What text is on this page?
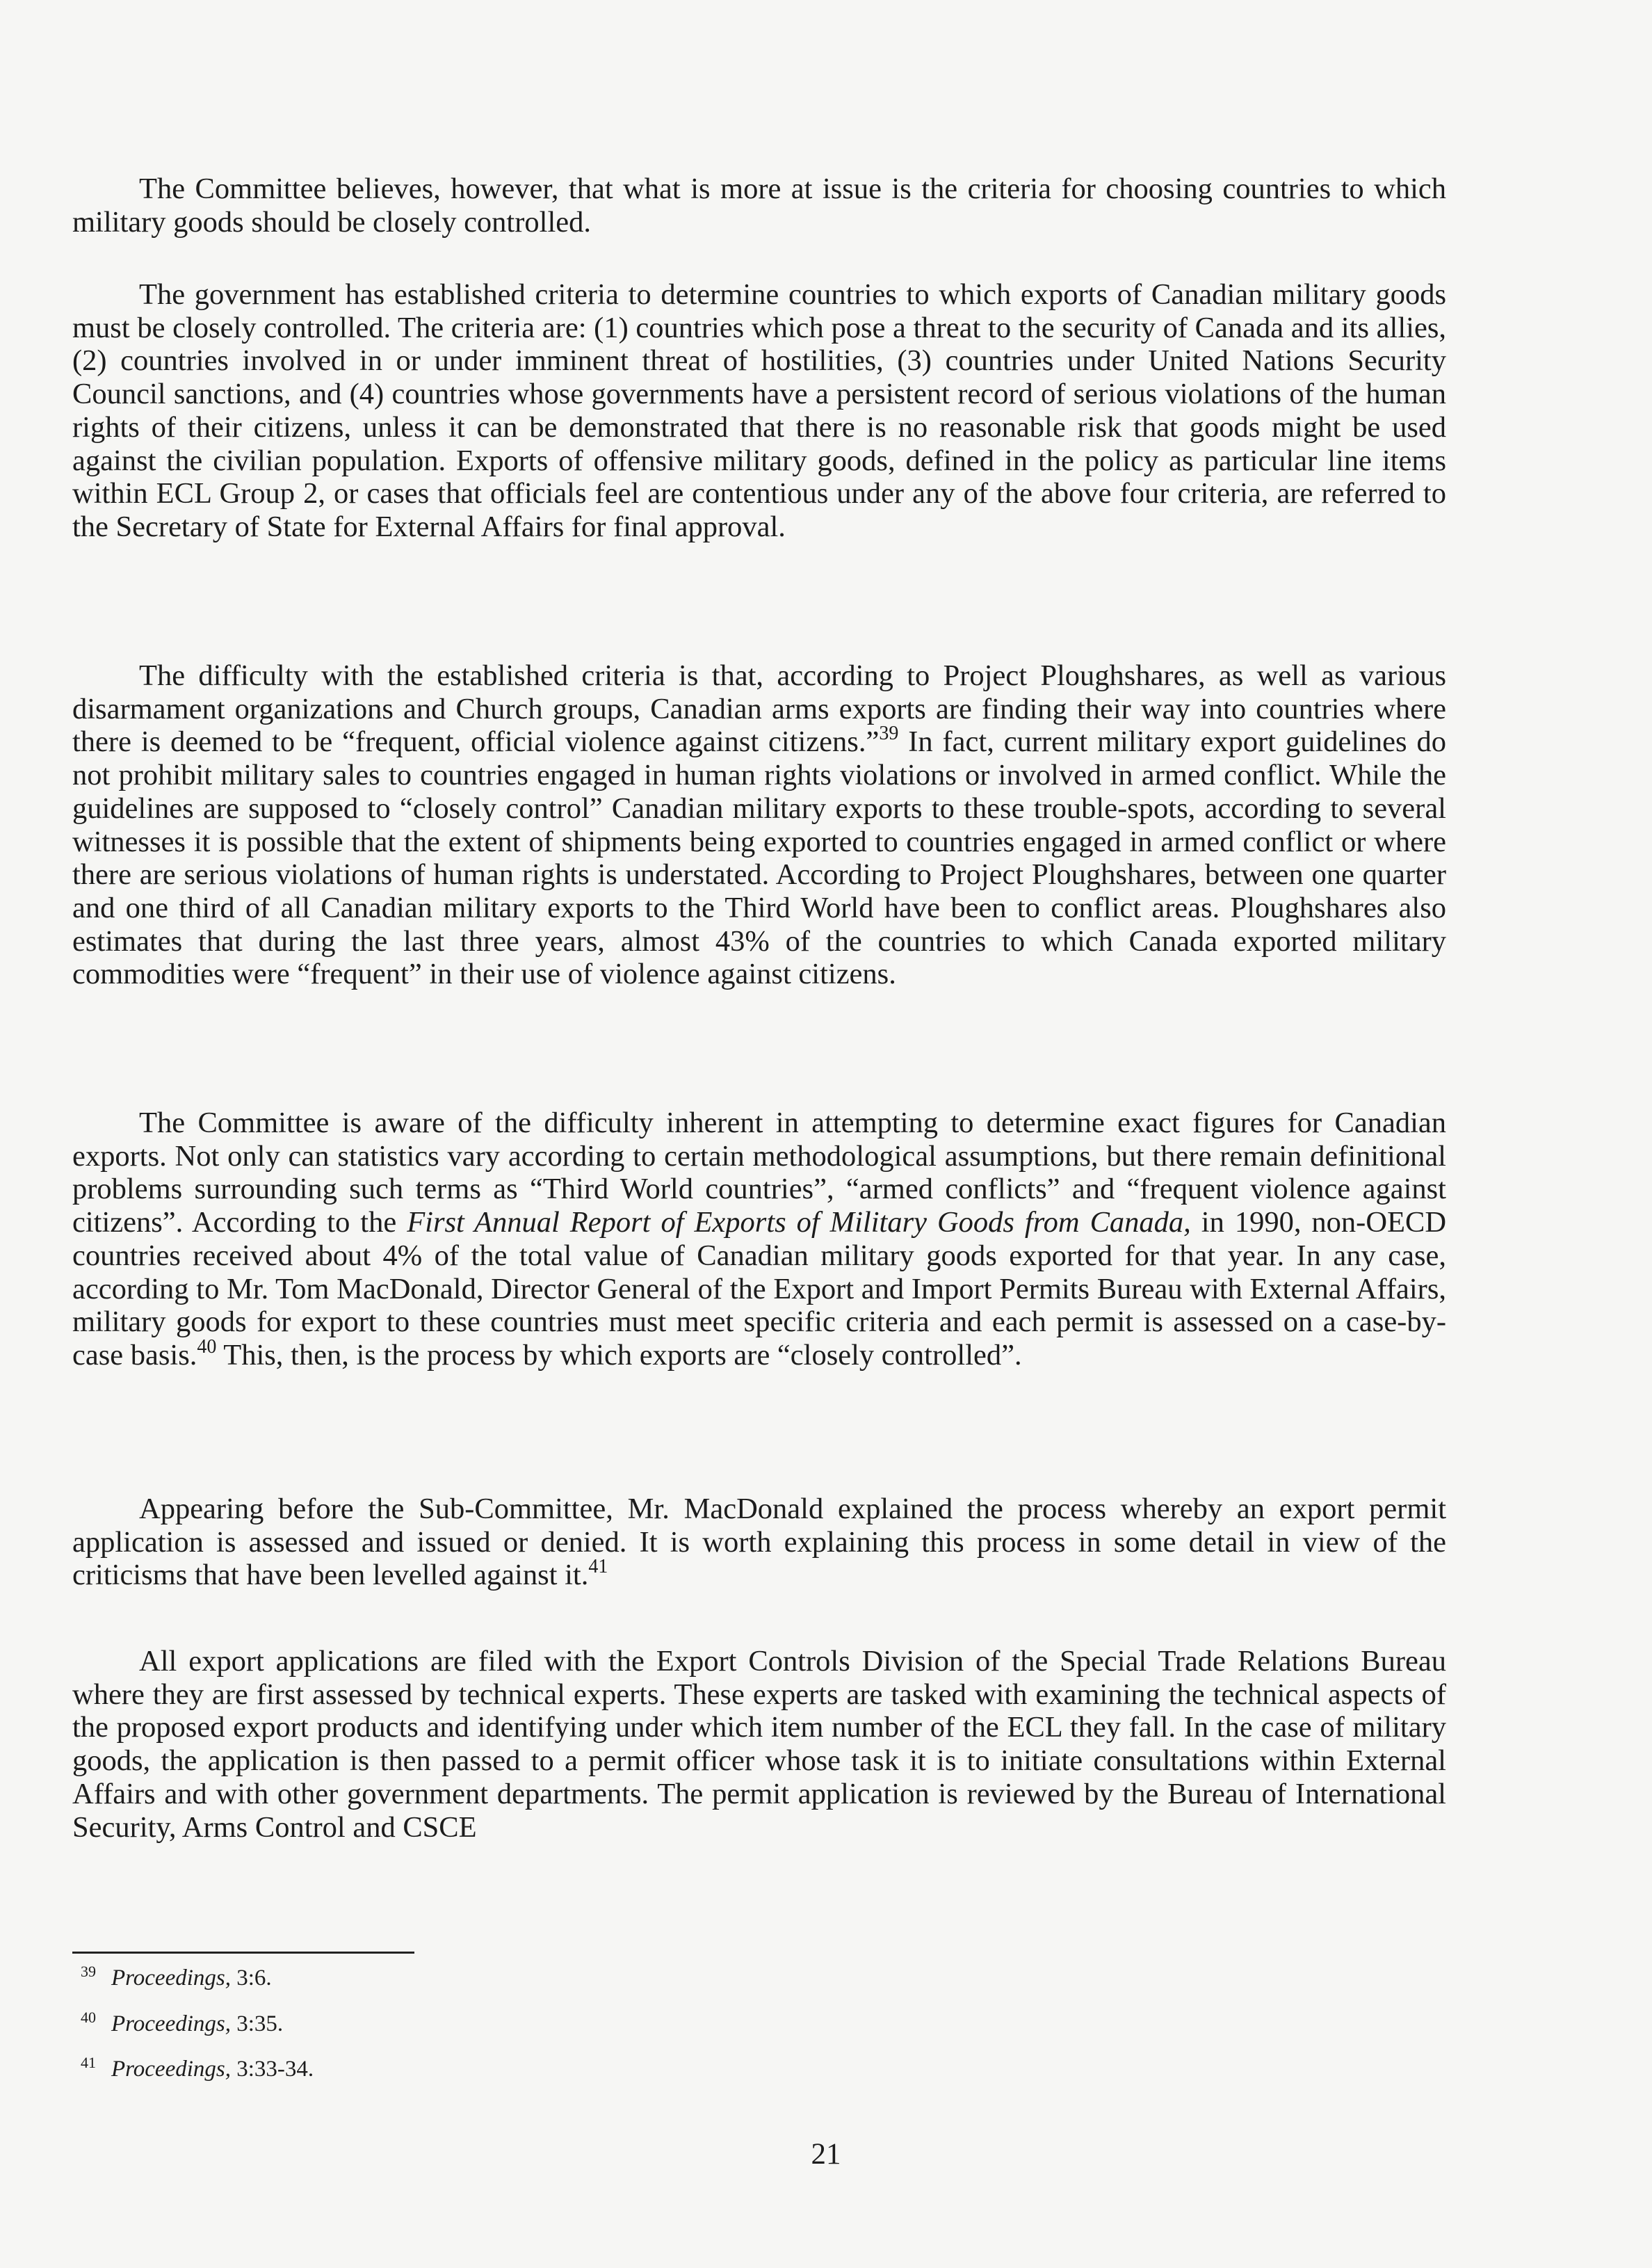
The Committee believes, however, that what is more at issue is the criteria for choosing countries to which military goods should be closely controlled.

The government has established criteria to determine countries to which exports of Canadian military goods must be closely controlled. The criteria are: (1) countries which pose a threat to the security of Canada and its allies, (2) countries involved in or under imminent threat of hostilities, (3) countries under United Nations Security Council sanctions, and (4) countries whose governments have a persistent record of serious violations of the human rights of their citizens, unless it can be demonstrated that there is no reasonable risk that goods might be used against the civilian population. Exports of offensive military goods, defined in the policy as particular line items within ECL Group 2, or cases that officials feel are contentious under any of the above four criteria, are referred to the Secretary of State for External Affairs for final approval.

The difficulty with the established criteria is that, according to Project Ploughshares, as well as various disarmament organizations and Church groups, Canadian arms exports are finding their way into countries where there is deemed to be “frequent, official violence against citizens.”$^{39}$ In fact, current military export guidelines do not prohibit military sales to countries engaged in human rights violations or involved in armed conflict. While the guidelines are supposed to “closely control” Canadian military exports to these trouble-spots, according to several witnesses it is possible that the extent of shipments being exported to countries engaged in armed conflict or where there are serious violations of human rights is understated. According to Project Ploughshares, between one quarter and one third of all Canadian military exports to the Third World have been to conflict areas. Ploughshares also estimates that during the last three years, almost 43% of the countries to which Canada exported military commodities were “frequent” in their use of violence against citizens.

The Committee is aware of the difficulty inherent in attempting to determine exact figures for Canadian exports. Not only can statistics vary according to certain methodological assumptions, but there remain definitional problems surrounding such terms as “Third World countries”, “armed conflicts” and “frequent violence against citizens”. According to the First Annual Report of Exports of Military Goods from Canada, in 1990, non-OECD countries received about 4% of the total value of Canadian military goods exported for that year. In any case, according to Mr. Tom MacDonald, Director General of the Export and Import Permits Bureau with External Affairs, military goods for export to these countries must meet specific criteria and each permit is assessed on a case-by-case basis.$^{40}$ This, then, is the process by which exports are “closely controlled”.

Appearing before the Sub-Committee, Mr. MacDonald explained the process whereby an export permit application is assessed and issued or denied. It is worth explaining this process in some detail in view of the criticisms that have been levelled against it.$^{41}$

All export applications are filed with the Export Controls Division of the Special Trade Relations Bureau where they are first assessed by technical experts. These experts are tasked with examining the technical aspects of the proposed export products and identifying under which item number of the ECL they fall. In the case of military goods, the application is then passed to a permit officer whose task it is to initiate consultations within External Affairs and with other government departments. The permit application is reviewed by the Bureau of International Security, Arms Control and CSCE

$^{39}$ Proceedings, 3:6.
$^{40}$ Proceedings, 3:35.
$^{41}$ Proceedings, 3:33-34.
21
